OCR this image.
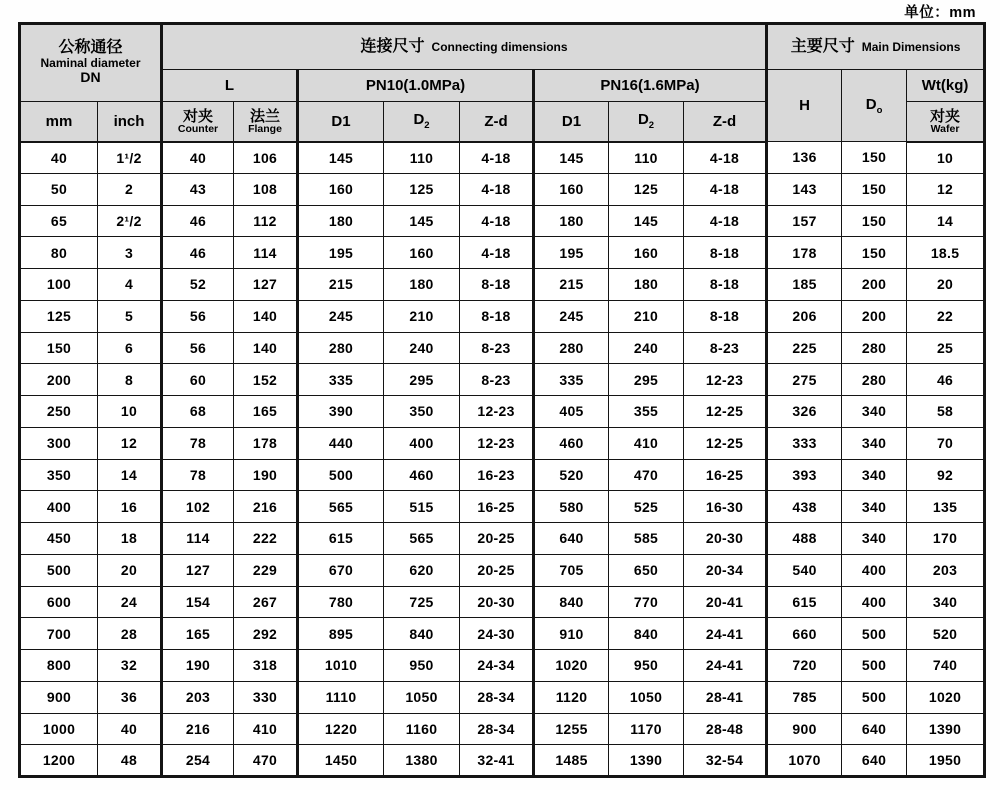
单位：mm
公称通径
Naminal diameter
DN

连接尺寸 Connecting dimensions	主要尺寸 Main Dimensions

		L		PN10(1.0MPa)			PN16(1.6MPa)			H	$D_o$	Wt(kg)
mm	inch	对夹
Counter

法兰
Flange	D1	$D_2$	Z-d	D1	$D_2$	Z-d	对夹
Wafer

40	1¹/2	40	106	145	110	4-18	145	110	4-18	136	150	10
50	2	43	108	160	125	4-18	160	125	4-18	143	150	12
65	2¹/2	46	112	180	145	4-18	180	145	4-18	157	150	14
80	3	46	114	195	160	4-18	195	160	8-18	178	150	18.5
100	4	52	127	215	180	8-18	215	180	8-18	185	200	20
125	5	56	140	245	210	8-18	245	210	8-18	206	200	22
150	6	56	140	280	240	8-23	280	240	8-23	225	280	25
200	8	60	152	335	295	8-23	335	295	12-23	275	280	46
250	10	68	165	390	350	12-23	405	355	12-25	326	340	58
300	12	78	178	440	400	12-23	460	410	12-25	333	340	70
350	14	78	190	500	460	16-23	520	470	16-25	393	340	92
400	16	102	216	565	515	16-25	580	525	16-30	438	340	135
450	18	114	222	615	565	20-25	640	585	20-30	488	340	170
500	20	127	229	670	620	20-25	705	650	20-34	540	400	203
600	24	154	267	780	725	20-30	840	770	20-41	615	400	340
700	28	165	292	895	840	24-30	910	840	24-41	660	500	520
800	32	190	318	1010	950	24-34	1020	950	24-41	720	500	740
900	36	203	330	1110	1050	28-34	1120	1050	28-41	785	500	1020
1000	40	216	410	1220	1160	28-34	1255	1170	28-48	900	640	1390
1200	48	254	470	1450	1380	32-41	1485	1390	32-54	1070	640	1950
